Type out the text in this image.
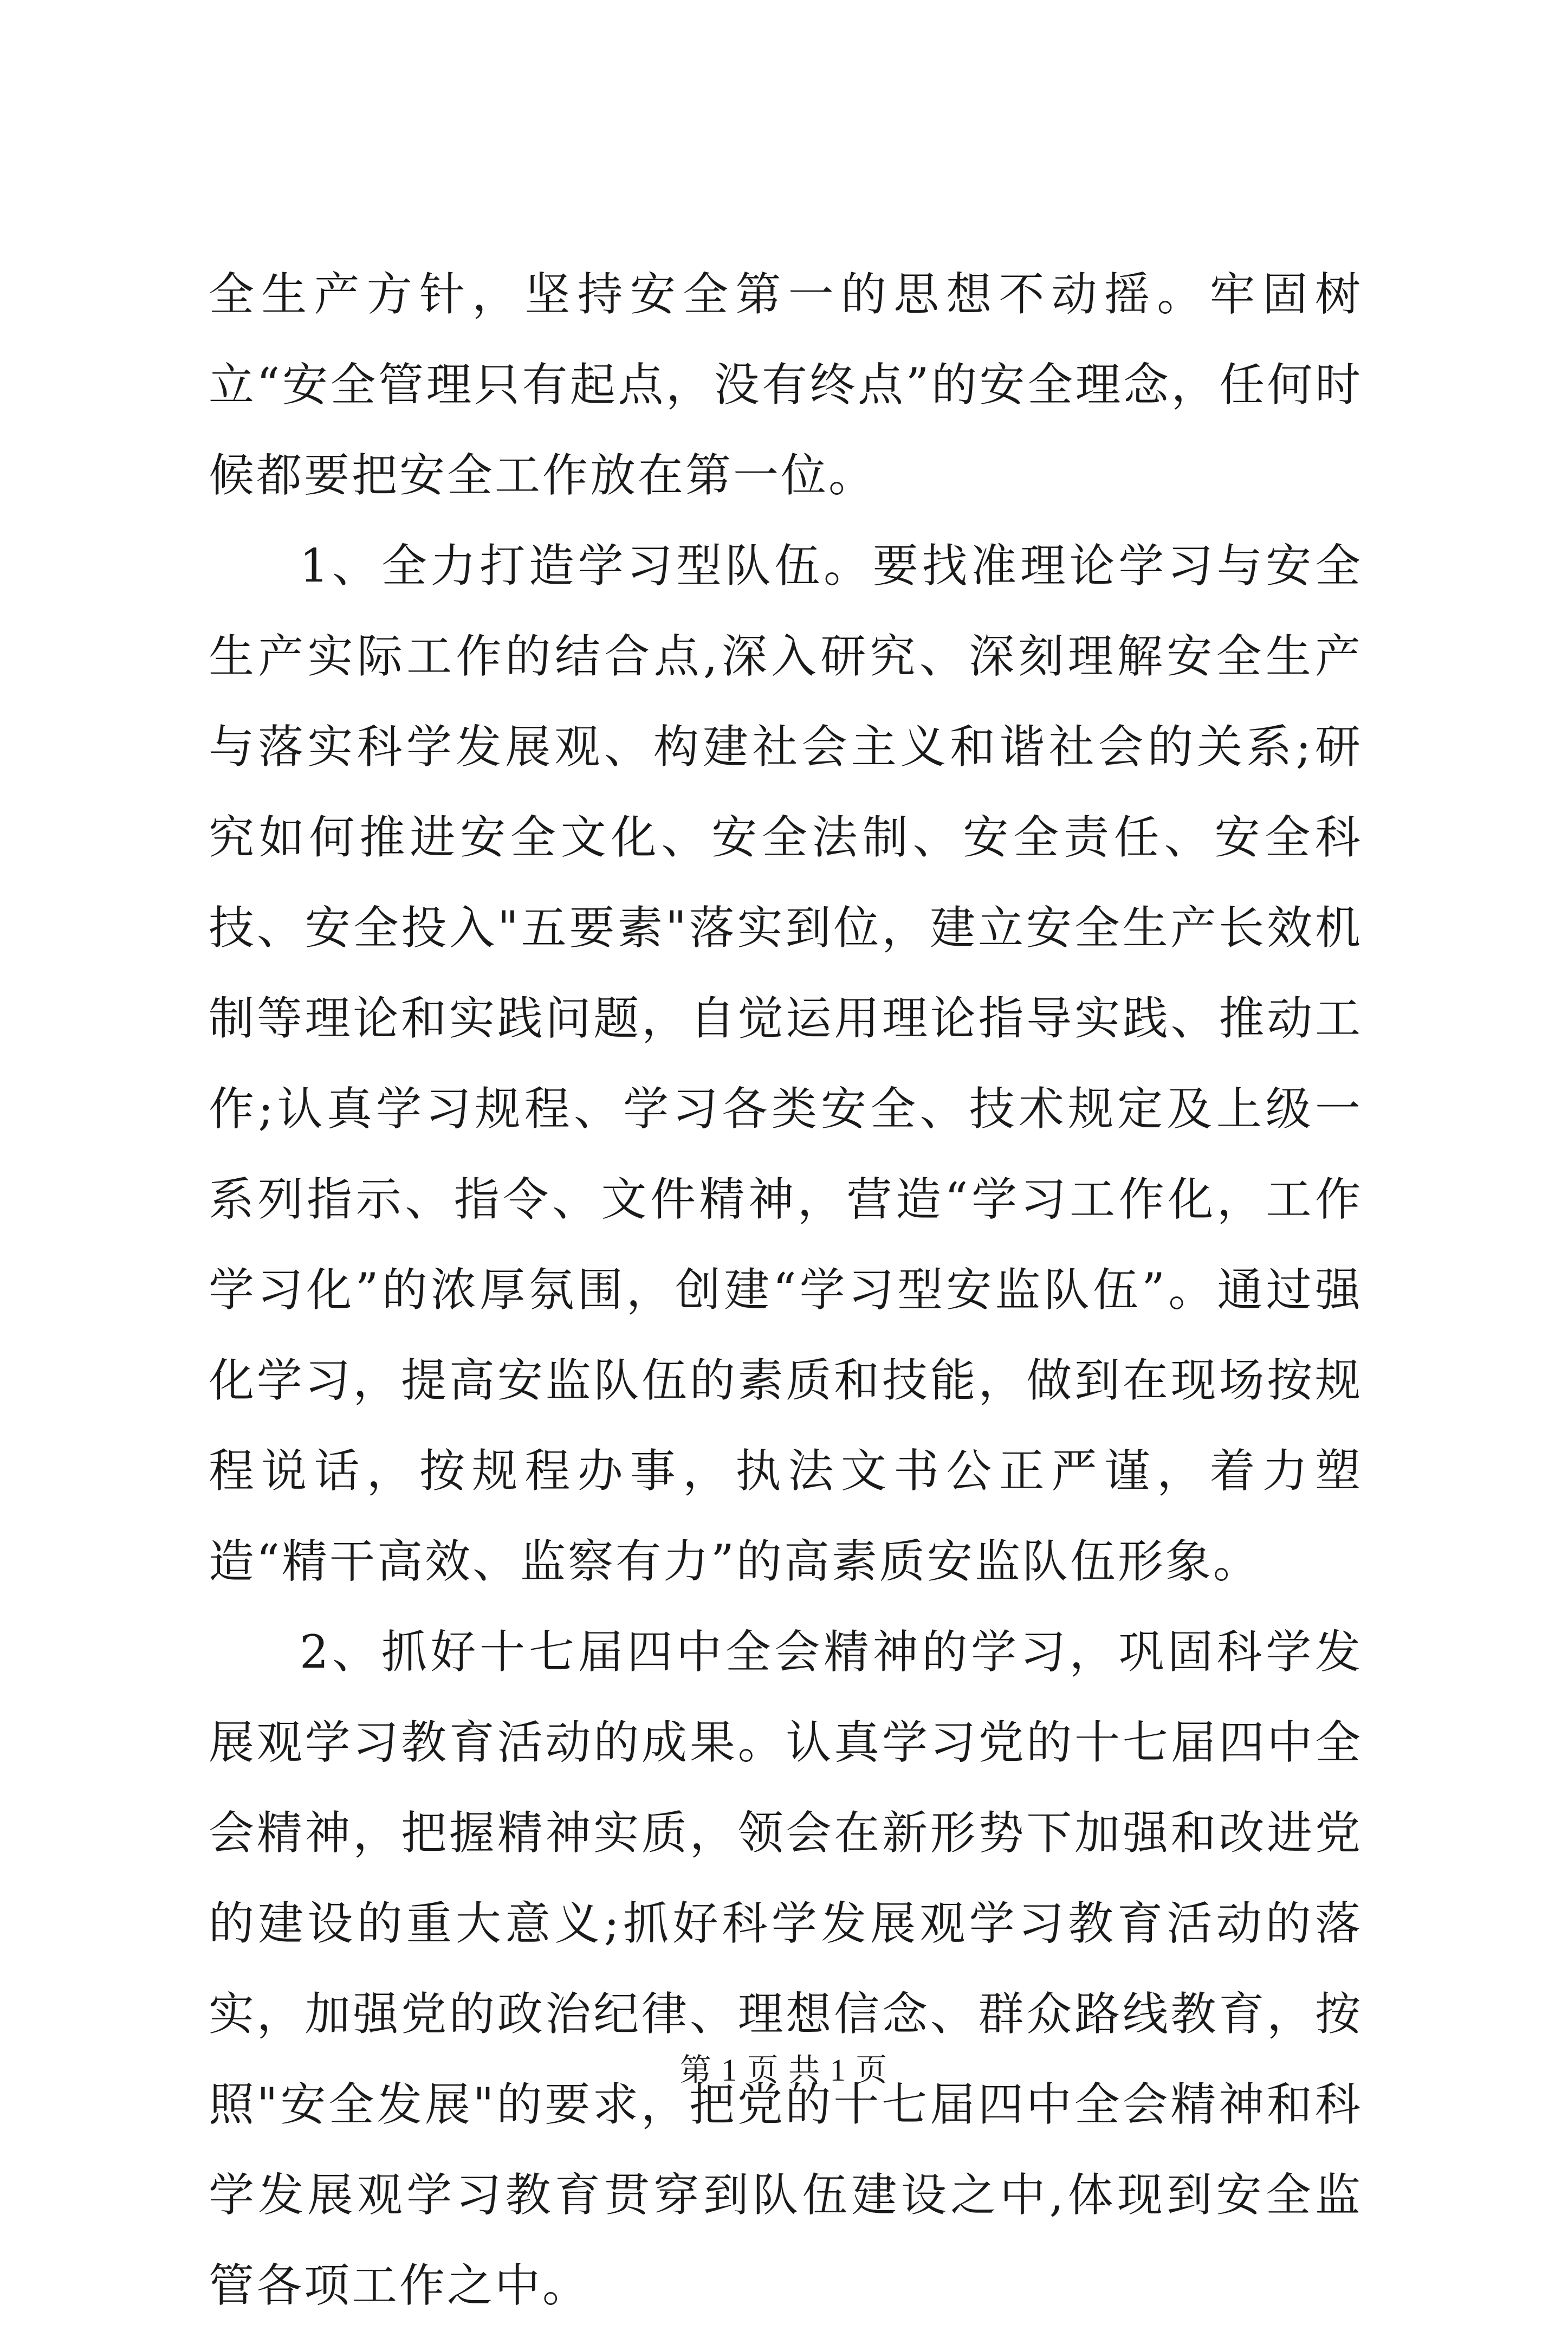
全生产方针，坚持安全第一的思想不动摇。牢固树立“安全管理只有起点，没有终点”的安全理念，任何时候都要把安全工作放在第一位。

1、全力打造学习型队伍。要找准理论学习与安全生产实际工作的结合点,深入研究、深刻理解安全生产与落实科学发展观、构建社会主义和谐社会的关系;研究如何推进安全文化、安全法制、安全责任、安全科技、安全投入"五要素"落实到位，建立安全生产长效机制等理论和实践问题，自觉运用理论指导实践、推动工作;认真学习规程、学习各类安全、技术规定及上级一系列指示、指令、文件精神，营造“学习工作化，工作学习化”的浓厚氛围，创建“学习型安监队伍”。通过强化学习，提高安监队伍的素质和技能，做到在现场按规程说话，按规程办事，执法文书公正严谨，着力塑造“精干高效、监察有力”的高素质安监队伍形象。

2、抓好十七届四中全会精神的学习，巩固科学发展观学习教育活动的成果。认真学习党的十七届四中全会精神，把握精神实质，领会在新形势下加强和改进党的建设的重大意义;抓好科学发展观学习教育活动的落实，加强党的政治纪律、理想信念、群众路线教育，按照"安全发展"的要求，把党的十七届四中全会精神和科学发展观学习教育贯穿到队伍建设之中,体现到安全监管各项工作之中。

第 1 页 共 1 页
